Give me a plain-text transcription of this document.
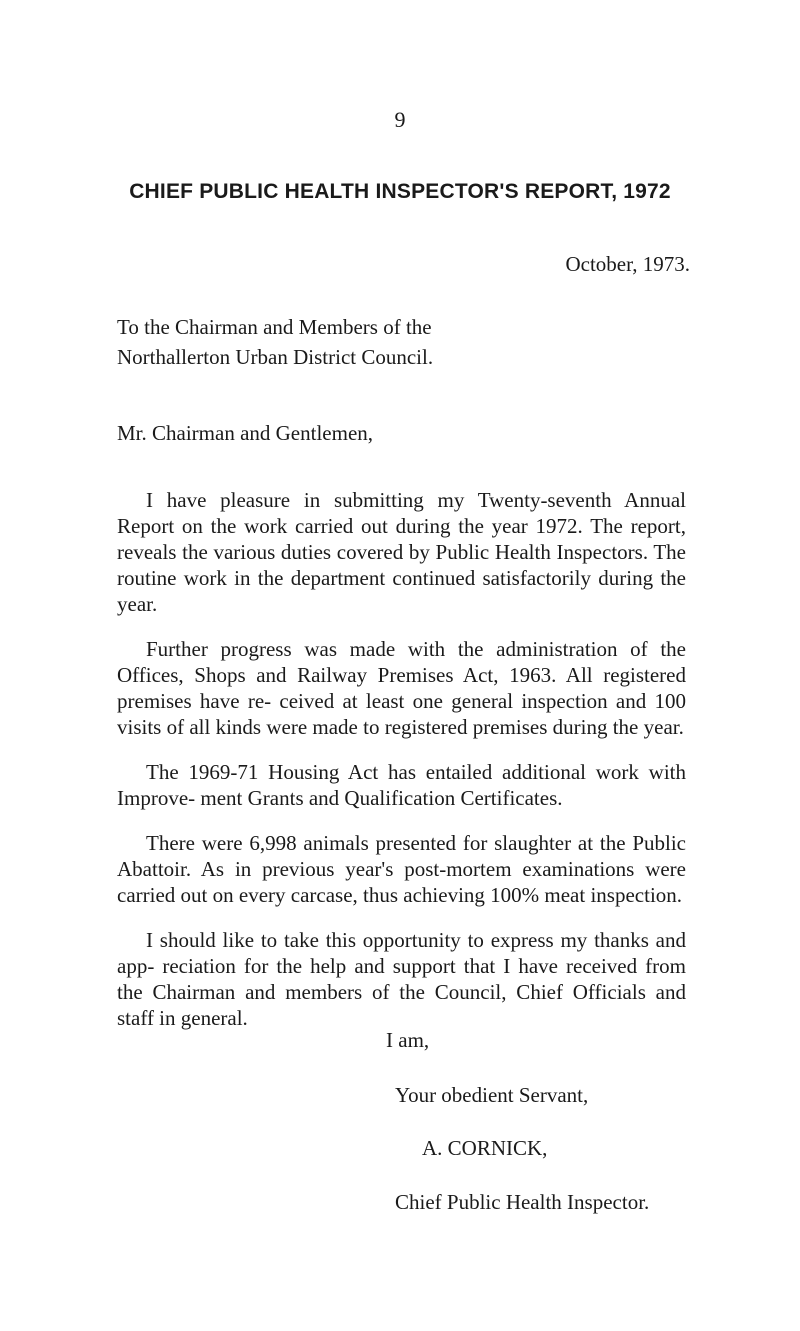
9
CHIEF PUBLIC HEALTH INSPECTOR'S REPORT, 1972
October, 1973.
To the Chairman and Members of the
Northallerton Urban District Council.
Mr. Chairman and Gentlemen,

I have pleasure in submitting my Twenty-seventh Annual Report on the work carried out during the year 1972. The report, reveals the various duties covered by Public Health Inspectors. The routine work in the department continued satisfactorily during the year.

Further progress was made with the administration of the Offices, Shops and Railway Premises Act, 1963. All registered premises have re- ceived at least one general inspection and 100 visits of all kinds were made to registered premises during the year.

The 1969-71 Housing Act has entailed additional work with Improve- ment Grants and Qualification Certificates.

There were 6,998 animals presented for slaughter at the Public Abattoir. As in previous year's post-mortem examinations were carried out on every carcase, thus achieving 100% meat inspection.

I should like to take this opportunity to express my thanks and app- reciation for the help and support that I have received from the Chairman and members of the Council, Chief Officials and staff in general.

I am,
Your obedient Servant,
A. CORNICK,
Chief Public Health Inspector.
